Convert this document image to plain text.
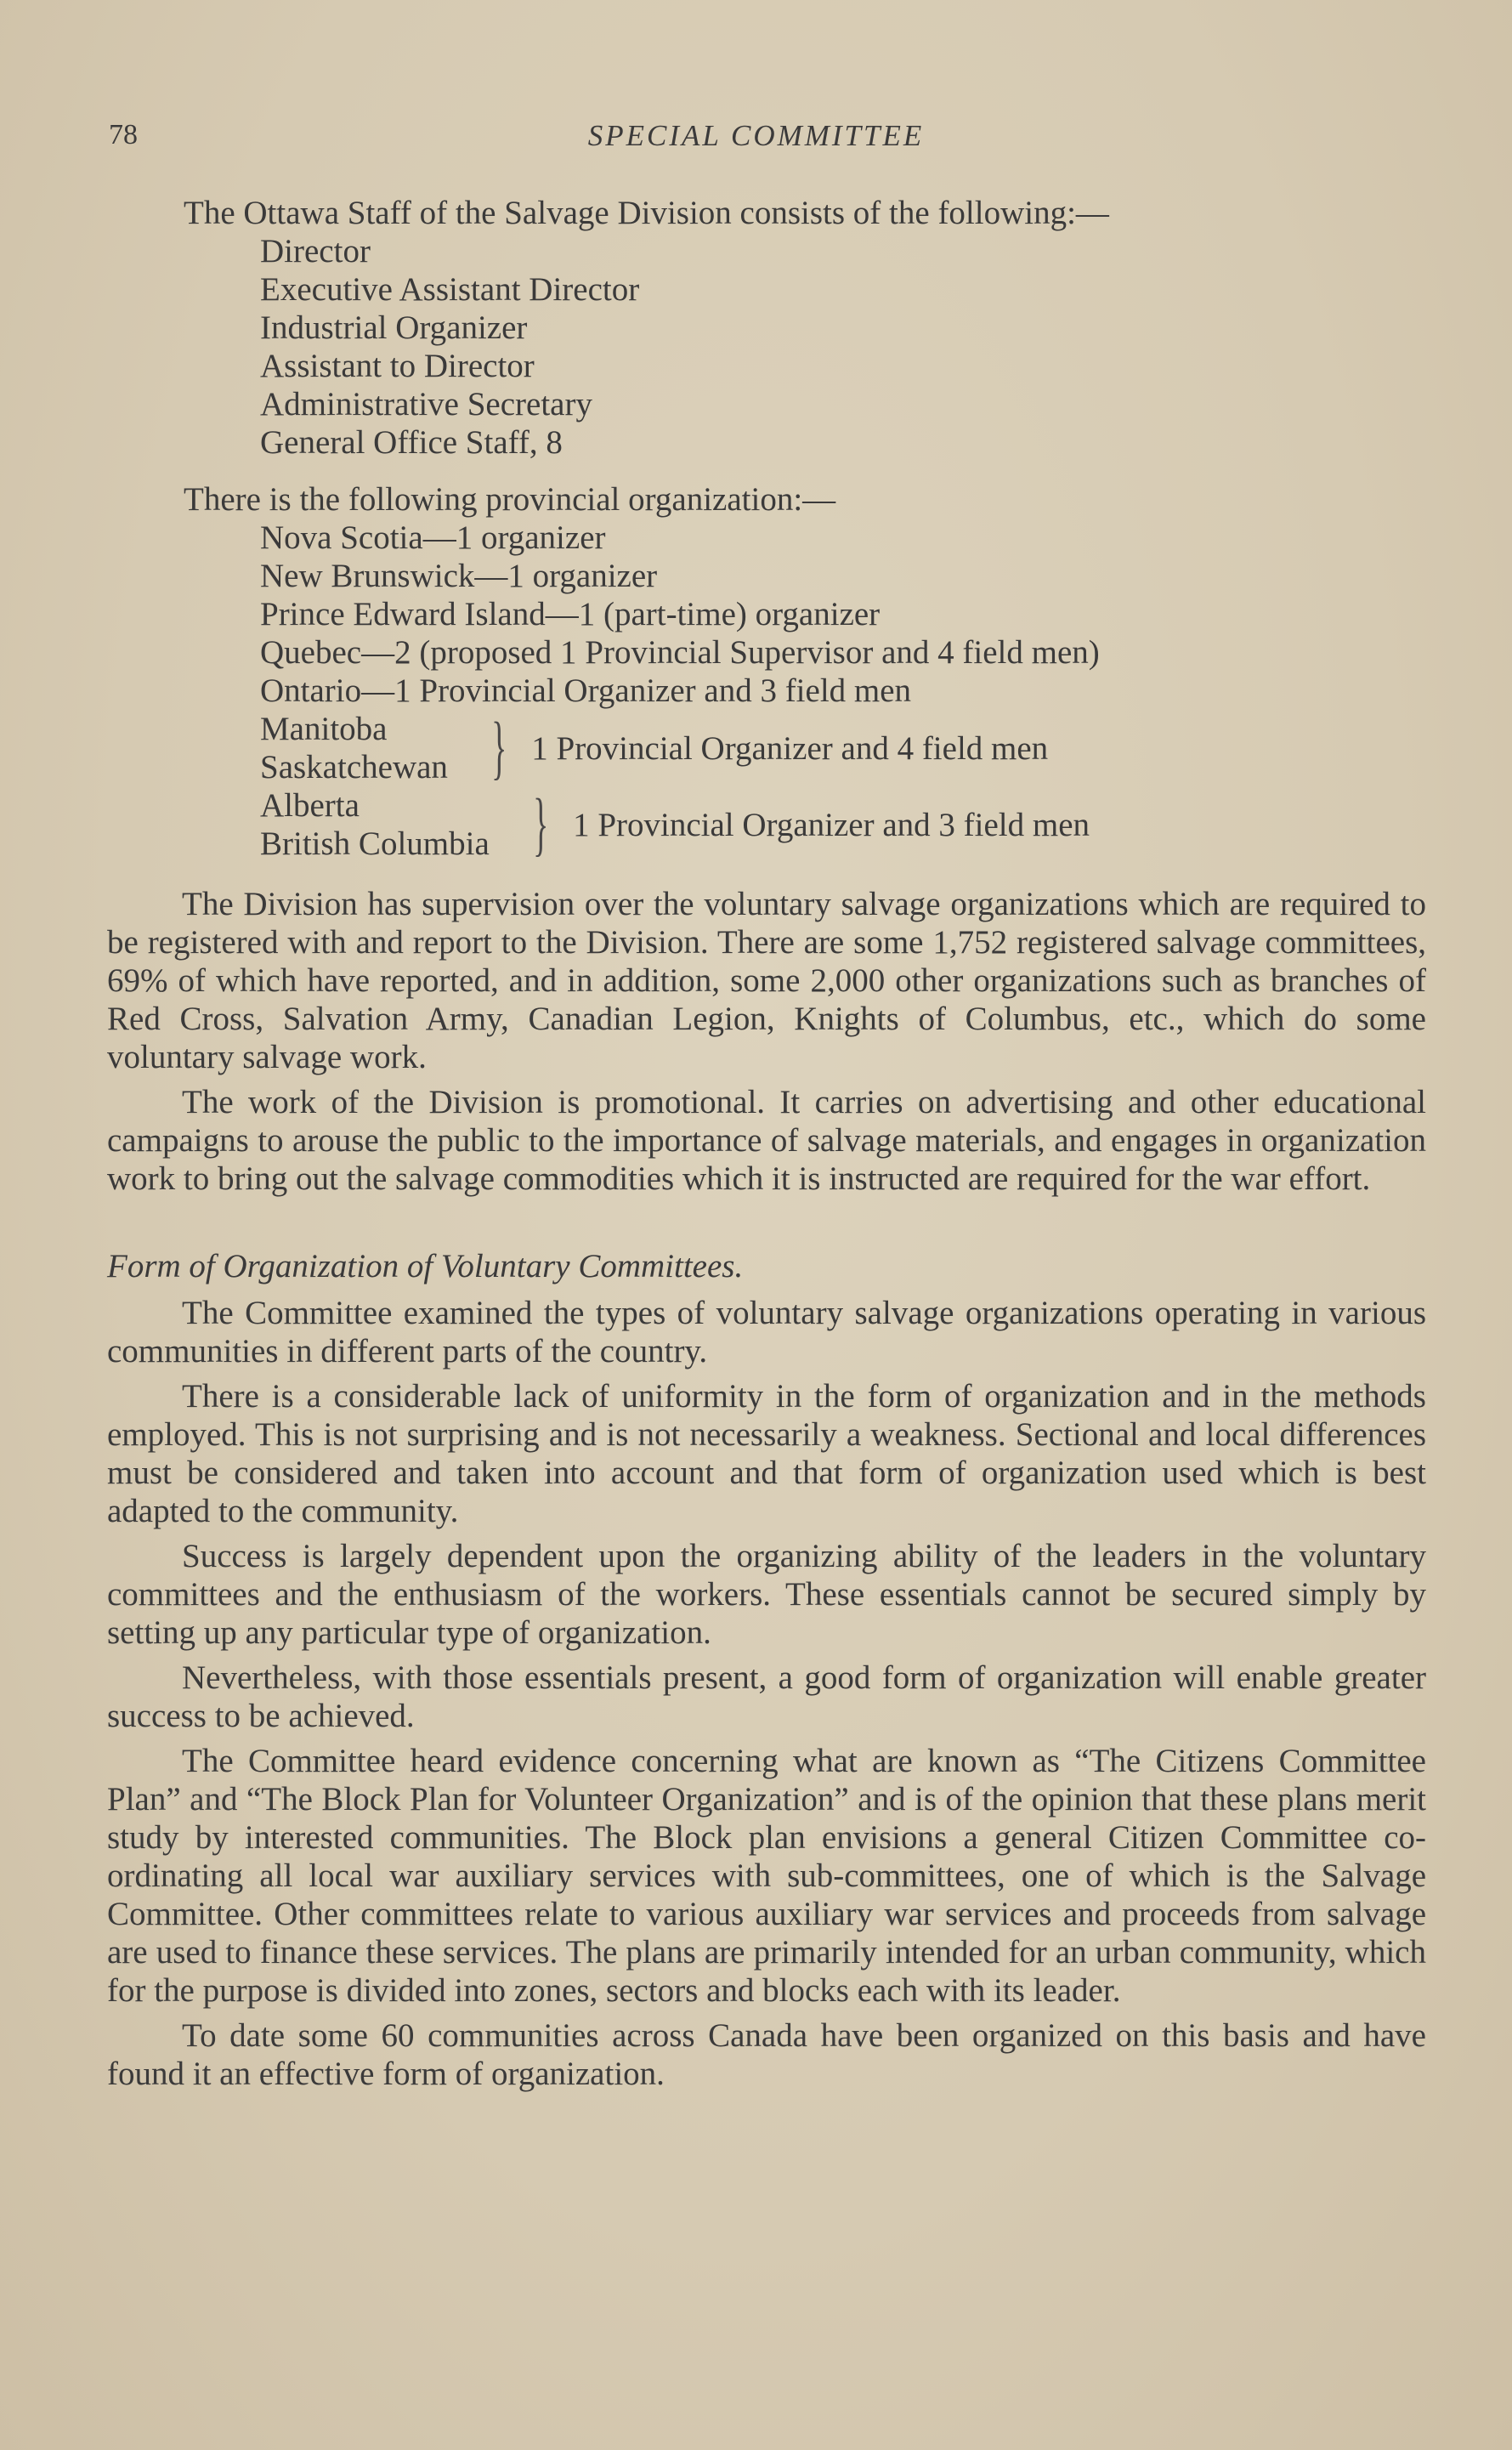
78	SPECIAL COMMITTEE

The Ottawa Staff of the Salvage Division consists of the following:—

Director
Executive Assistant Director
Industrial Organizer
Assistant to Director
Administrative Secretary
General Office Staff, 8

There is the following provincial organization:—

Nova Scotia—1 organizer
New Brunswick—1 organizer
Prince Edward Island—1 (part-time) organizer
Quebec—2 (proposed 1 Provincial Supervisor and 4 field men)
Ontario—1 Provincial Organizer and 3 field men
Manitoba
Saskatchewan } 1 Provincial Organizer and 4 field men
Alberta
British Columbia } 1 Provincial Organizer and 3 field men

The Division has supervision over the voluntary salvage organizations which are required to be registered with and report to the Division. There are some 1,752 registered salvage committees, 69% of which have reported, and in addition, some 2,000 other organizations such as branches of Red Cross, Salvation Army, Canadian Legion, Knights of Columbus, etc., which do some voluntary salvage work.

The work of the Division is promotional. It carries on advertising and other educational campaigns to arouse the public to the importance of salvage materials, and engages in organization work to bring out the salvage commodities which it is instructed are required for the war effort.

Form of Organization of Voluntary Committees.

The Committee examined the types of voluntary salvage organizations operating in various communities in different parts of the country.

There is a considerable lack of uniformity in the form of organization and in the methods employed. This is not surprising and is not necessarily a weakness. Sectional and local differences must be considered and taken into account and that form of organization used which is best adapted to the community.

Success is largely dependent upon the organizing ability of the leaders in the voluntary committees and the enthusiasm of the workers. These essentials cannot be secured simply by setting up any particular type of organization.

Nevertheless, with those essentials present, a good form of organization will enable greater success to be achieved.

The Committee heard evidence concerning what are known as “The Citizens Committee Plan” and “The Block Plan for Volunteer Organization” and is of the opinion that these plans merit study by interested communities. The Block plan envisions a general Citizen Committee co-ordinating all local war auxiliary services with sub-committees, one of which is the Salvage Committee. Other committees relate to various auxiliary war services and proceeds from salvage are used to finance these services. The plans are primarily intended for an urban community, which for the purpose is divided into zones, sectors and blocks each with its leader.

To date some 60 communities across Canada have been organized on this basis and have found it an effective form of organization.
